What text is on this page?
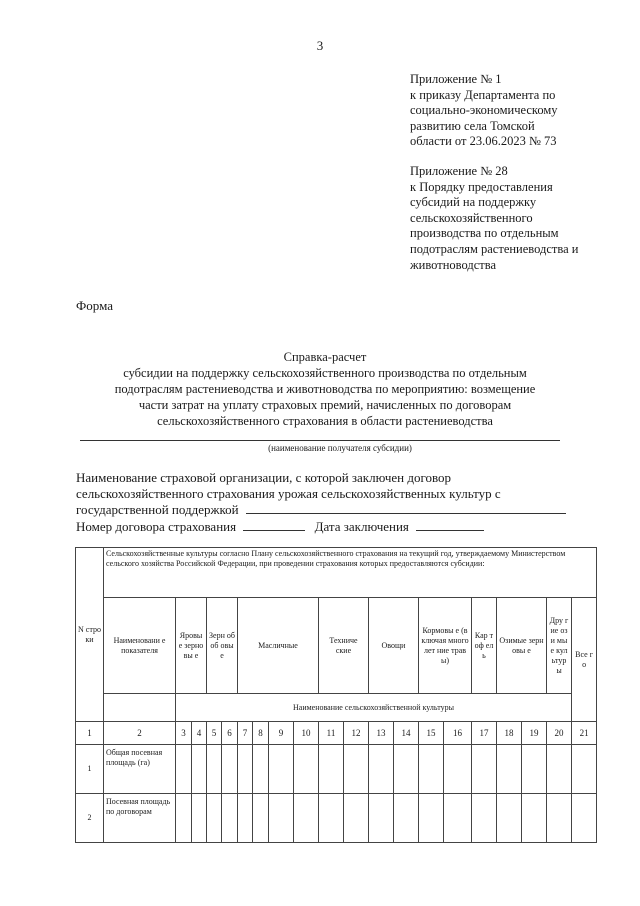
3
Приложение № 1
к приказу Департамента по
социально-экономическому
развитию села Томской
области от 23.06.2023 № 73
Приложение № 28
к Порядку предоставления
субсидий на поддержку
сельскохозяйственного
производства по отдельным
подотраслям растениеводства и
животноводства
Форма
Справка-расчет
субсидии на поддержку сельскохозяйственного производства по отдельным
подотраслям растениеводства и животноводства по мероприятию: возмещение
части затрат на уплату страховых премий, начисленных по договорам
сельскохозяйственного страхования в области растениеводства
(наименование получателя субсидии)
Наименование страховой организации, с которой заключен договор
сельскохозяйственного страхования урожая сельскохозяйственных культур с
государственной поддержкой
Номер договора страхования	Дата заключения
N стро ки	Сельскохозяйственные культуры согласно Плану сельскохозяйственного страхования на текущий год, утверждаемому Министерством сельского хозяйства Российской Федерации, при проведении страхования которых предоставляются субсидии:																			
	Наименовани е показателя	Яровые зерновы е		Зерн обоб овые		Масличные				Техниче ские		Овощи		Кормовы е (включая многолет ние травы)		Кар тоф ель	Озимые зерновы е		Дру гие ози мые кул ьтур ы	Все го
		Наименование сельскохозяйственной культуры																		
1	2	3	4	5	6	7	8	9	10	11	12	13	14	15	16	17	18	19	20	21
1	Общая посевная площадь (га)																			
2	Посевная площадь по договорам																			
